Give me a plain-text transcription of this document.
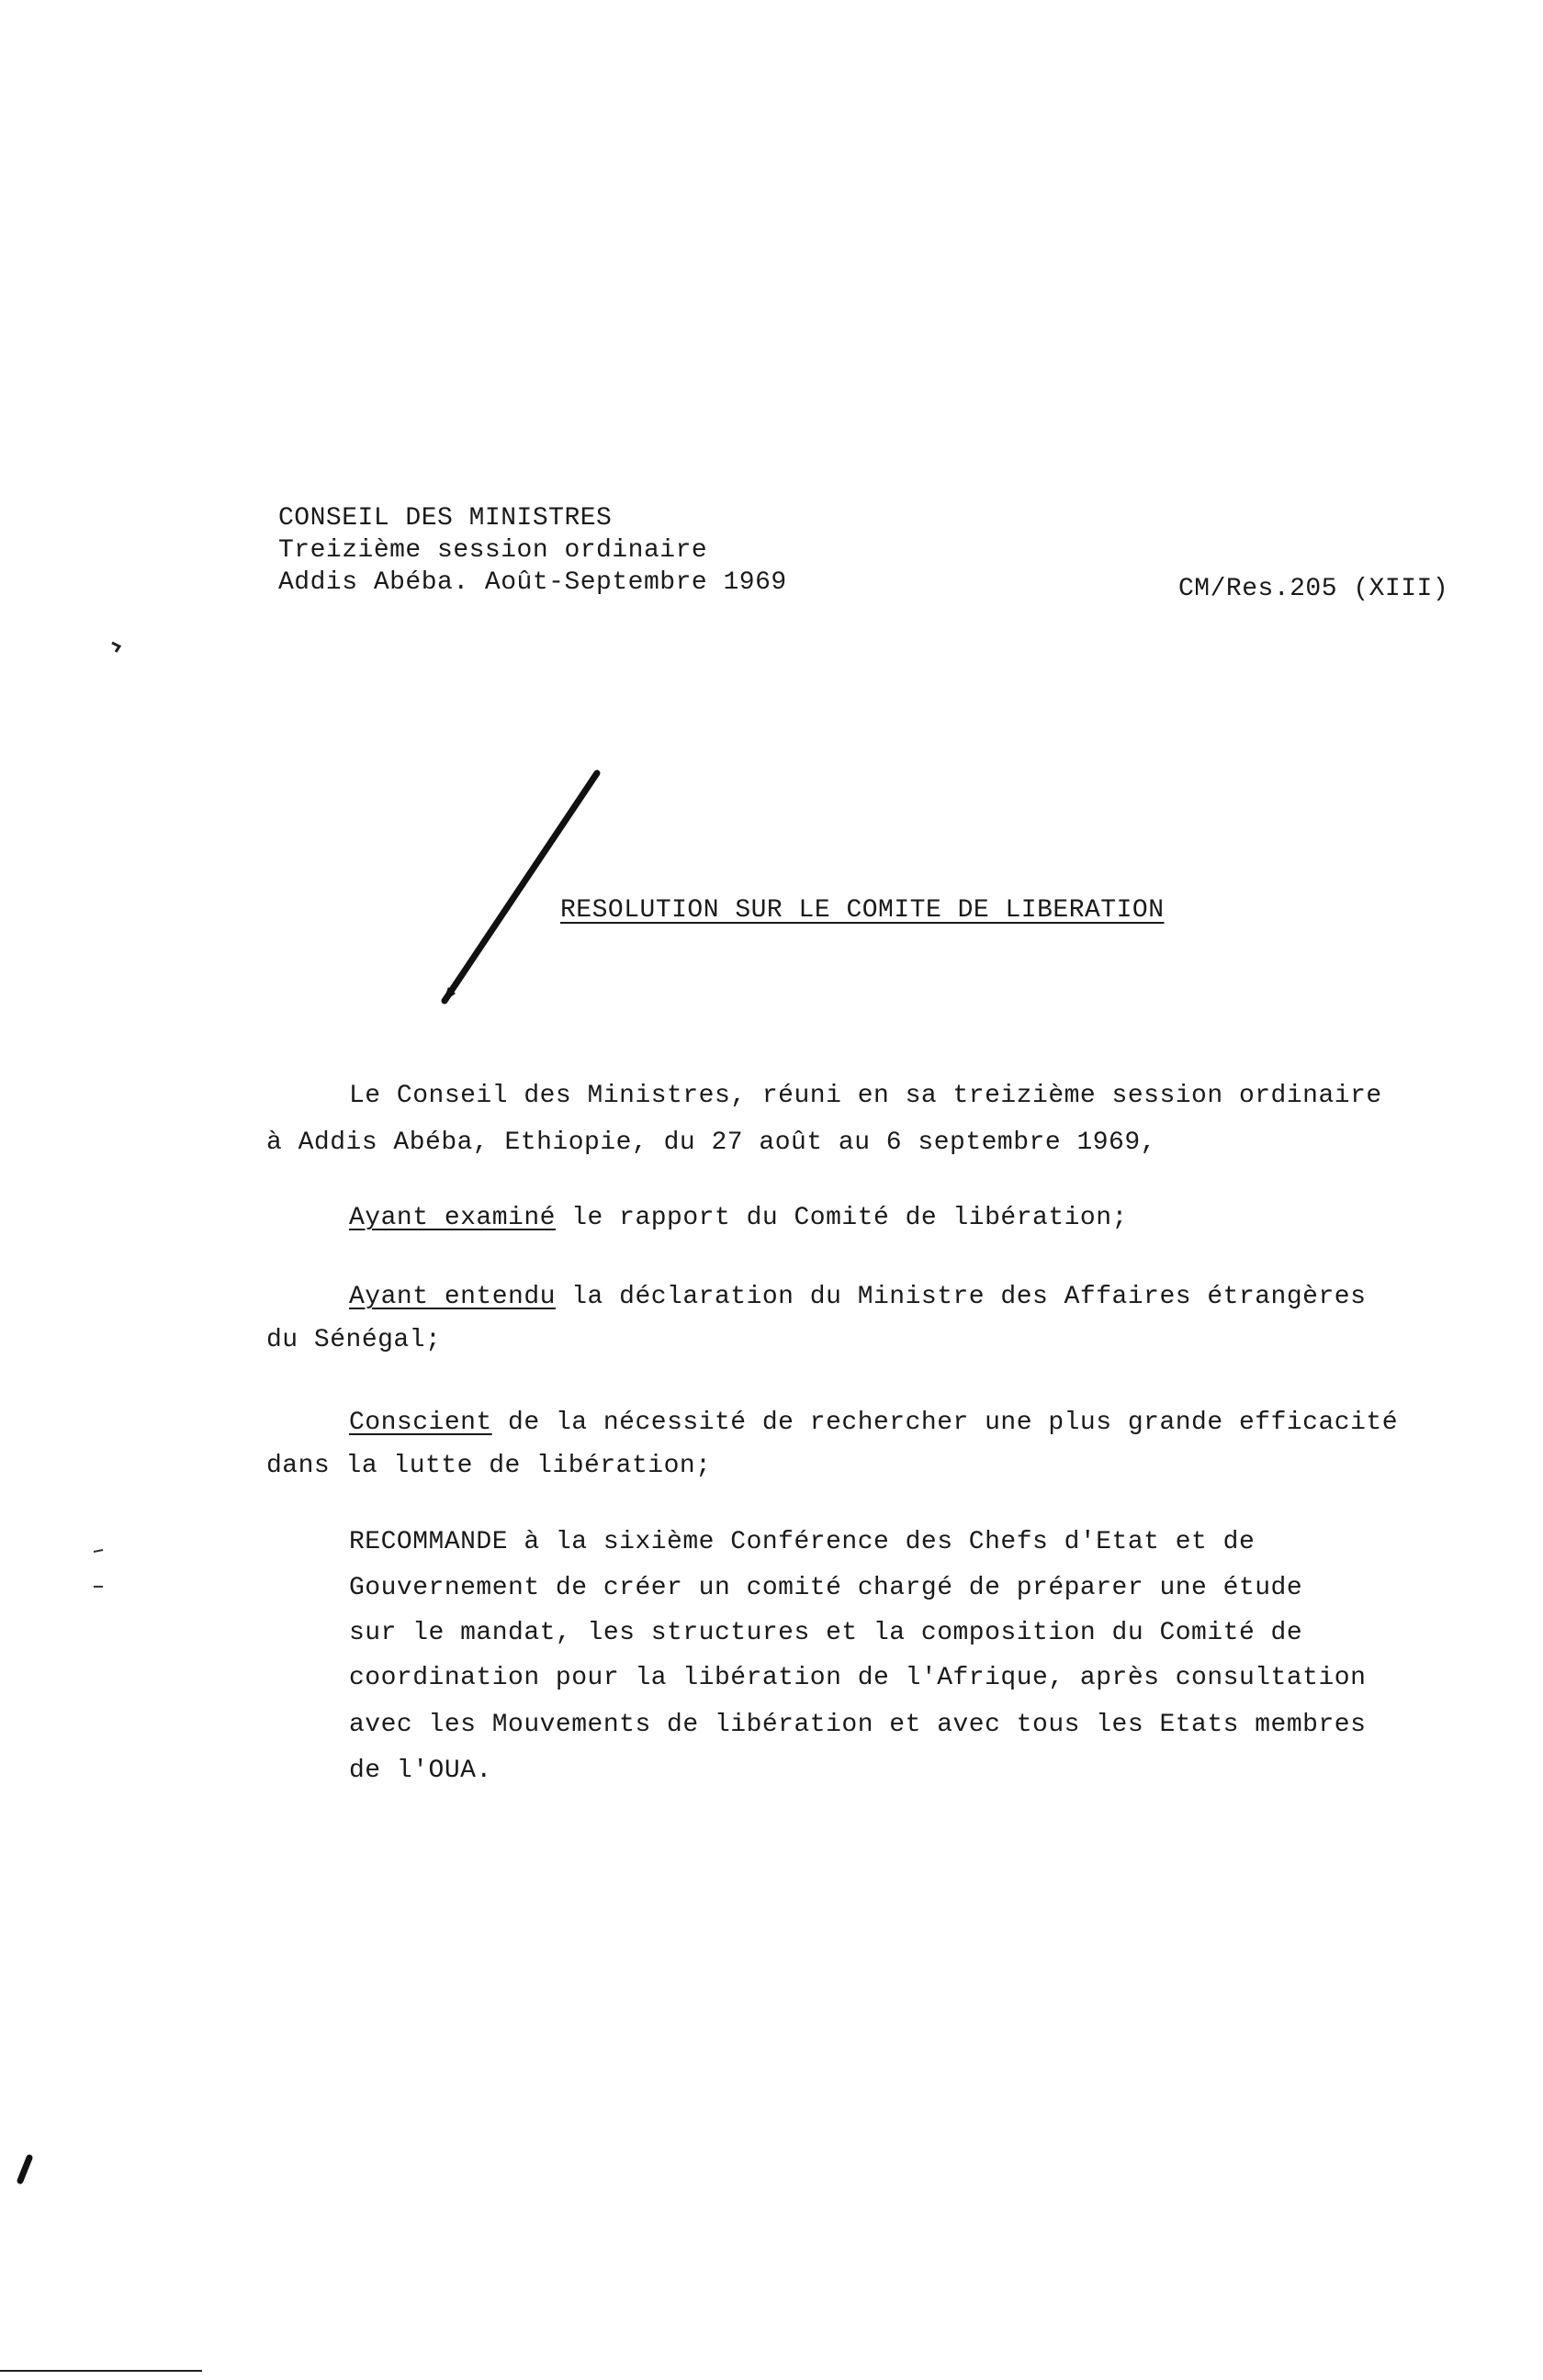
CONSEIL DES MINISTRES
Treizième session ordinaire
Addis Abéba. Août-Septembre 1969	CM/Res.205 (XIII)
RESOLUTION SUR LE COMITE DE LIBERATION
Le Conseil des Ministres, réuni en sa treizième session ordinaire
à Addis Abéba, Ethiopie, du 27 août au 6 septembre 1969,
Ayant examiné le rapport du Comité de libération;
Ayant entendu la déclaration du Ministre des Affaires étrangères
du Sénégal;
Conscient de la nécessité de rechercher une plus grande efficacité
dans la lutte de libération;
RECOMMANDE à la sixième Conférence des Chefs d'Etat et de
Gouvernement de créer un comité chargé de préparer une étude
sur le mandat, les structures et la composition du Comité de
coordination pour la libération de l'Afrique, après consultation
avec les Mouvements de libération et avec tous les Etats membres
de l'OUA.
